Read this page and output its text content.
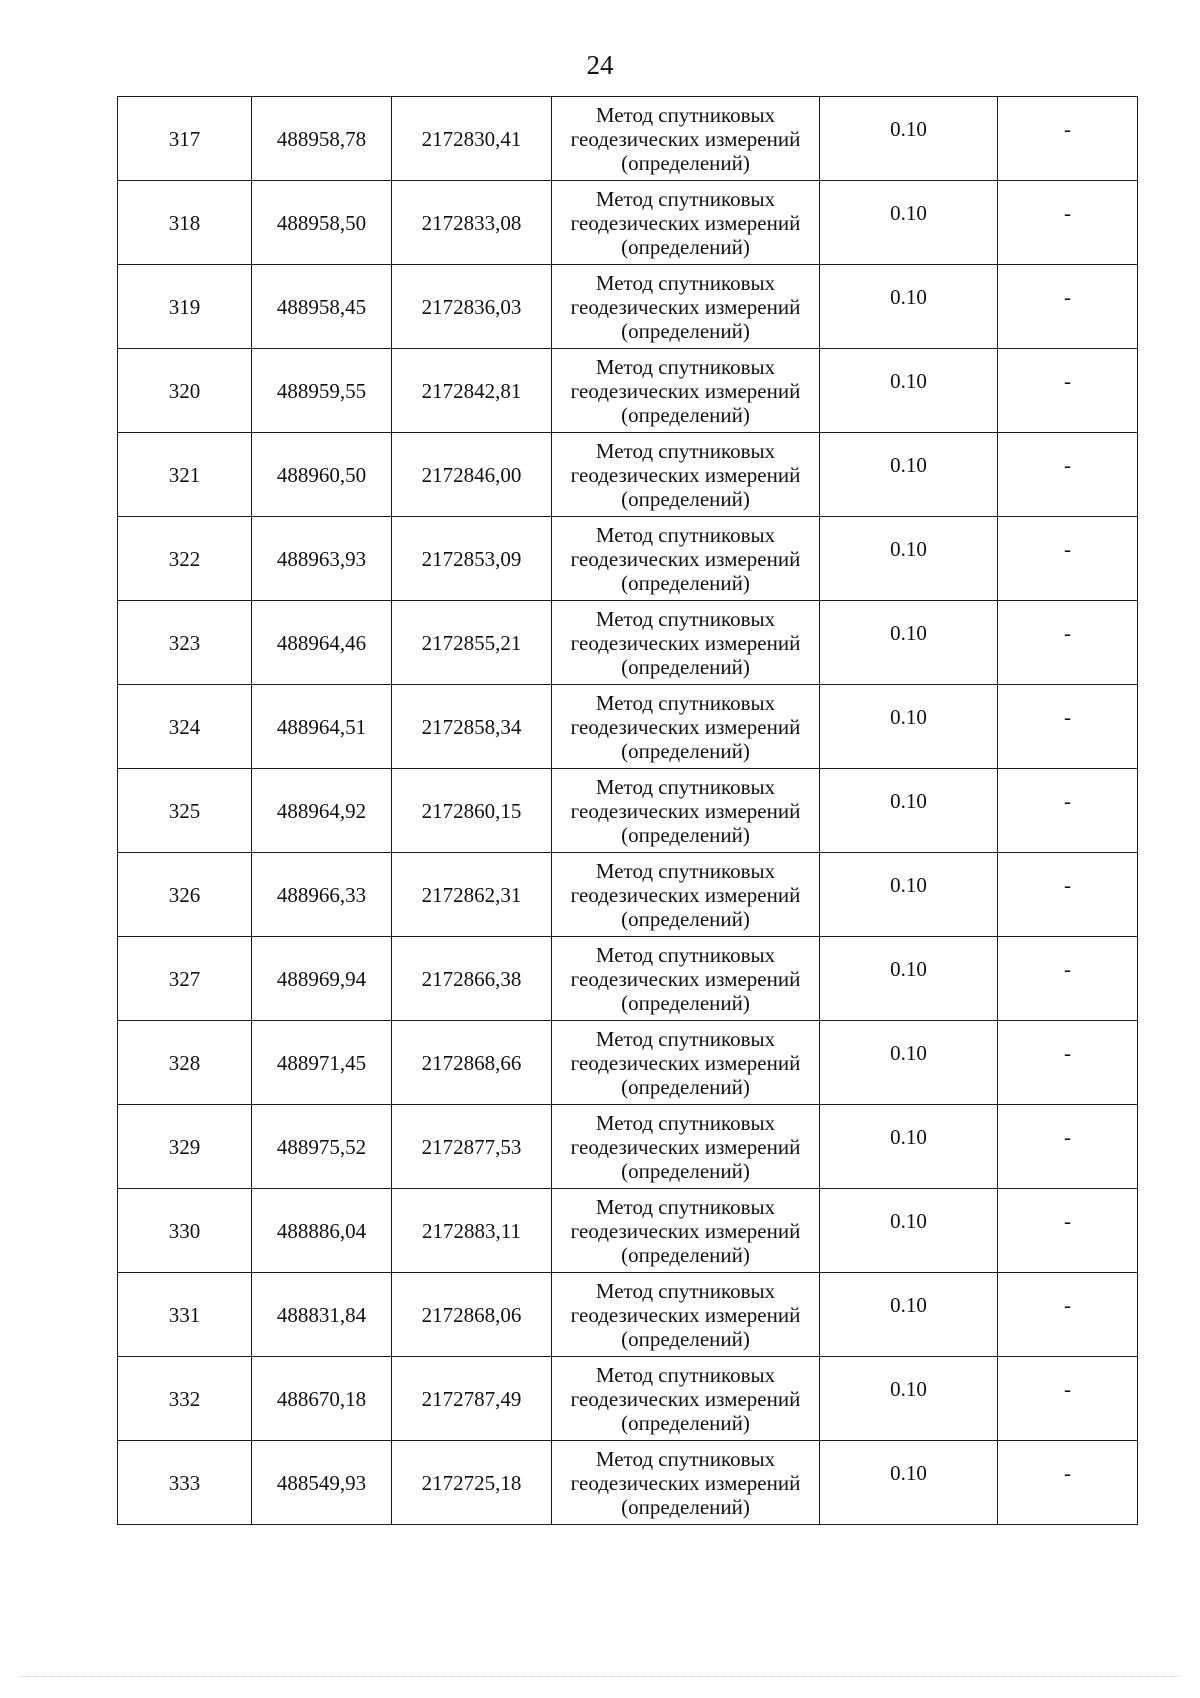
24
317	488958,78	2172830,41	Метод спутниковых
геодезических измерений
(определений)	0.10	-
318	488958,50	2172833,08	Метод спутниковых
геодезических измерений
(определений)	0.10	-
319	488958,45	2172836,03	Метод спутниковых
геодезических измерений
(определений)	0.10	-
320	488959,55	2172842,81	Метод спутниковых
геодезических измерений
(определений)	0.10	-
321	488960,50	2172846,00	Метод спутниковых
геодезических измерений
(определений)	0.10	-
322	488963,93	2172853,09	Метод спутниковых
геодезических измерений
(определений)	0.10	-
323	488964,46	2172855,21	Метод спутниковых
геодезических измерений
(определений)	0.10	-
324	488964,51	2172858,34	Метод спутниковых
геодезических измерений
(определений)	0.10	-
325	488964,92	2172860,15	Метод спутниковых
геодезических измерений
(определений)	0.10	-
326	488966,33	2172862,31	Метод спутниковых
геодезических измерений
(определений)	0.10	-
327	488969,94	2172866,38	Метод спутниковых
геодезических измерений
(определений)	0.10	-
328	488971,45	2172868,66	Метод спутниковых
геодезических измерений
(определений)	0.10	-
329	488975,52	2172877,53	Метод спутниковых
геодезических измерений
(определений)	0.10	-
330	488886,04	2172883,11	Метод спутниковых
геодезических измерений
(определений)	0.10	-
331	488831,84	2172868,06	Метод спутниковых
геодезических измерений
(определений)	0.10	-
332	488670,18	2172787,49	Метод спутниковых
геодезических измерений
(определений)	0.10	-
333	488549,93	2172725,18	Метод спутниковых
геодезических измерений
(определений)	0.10	-
